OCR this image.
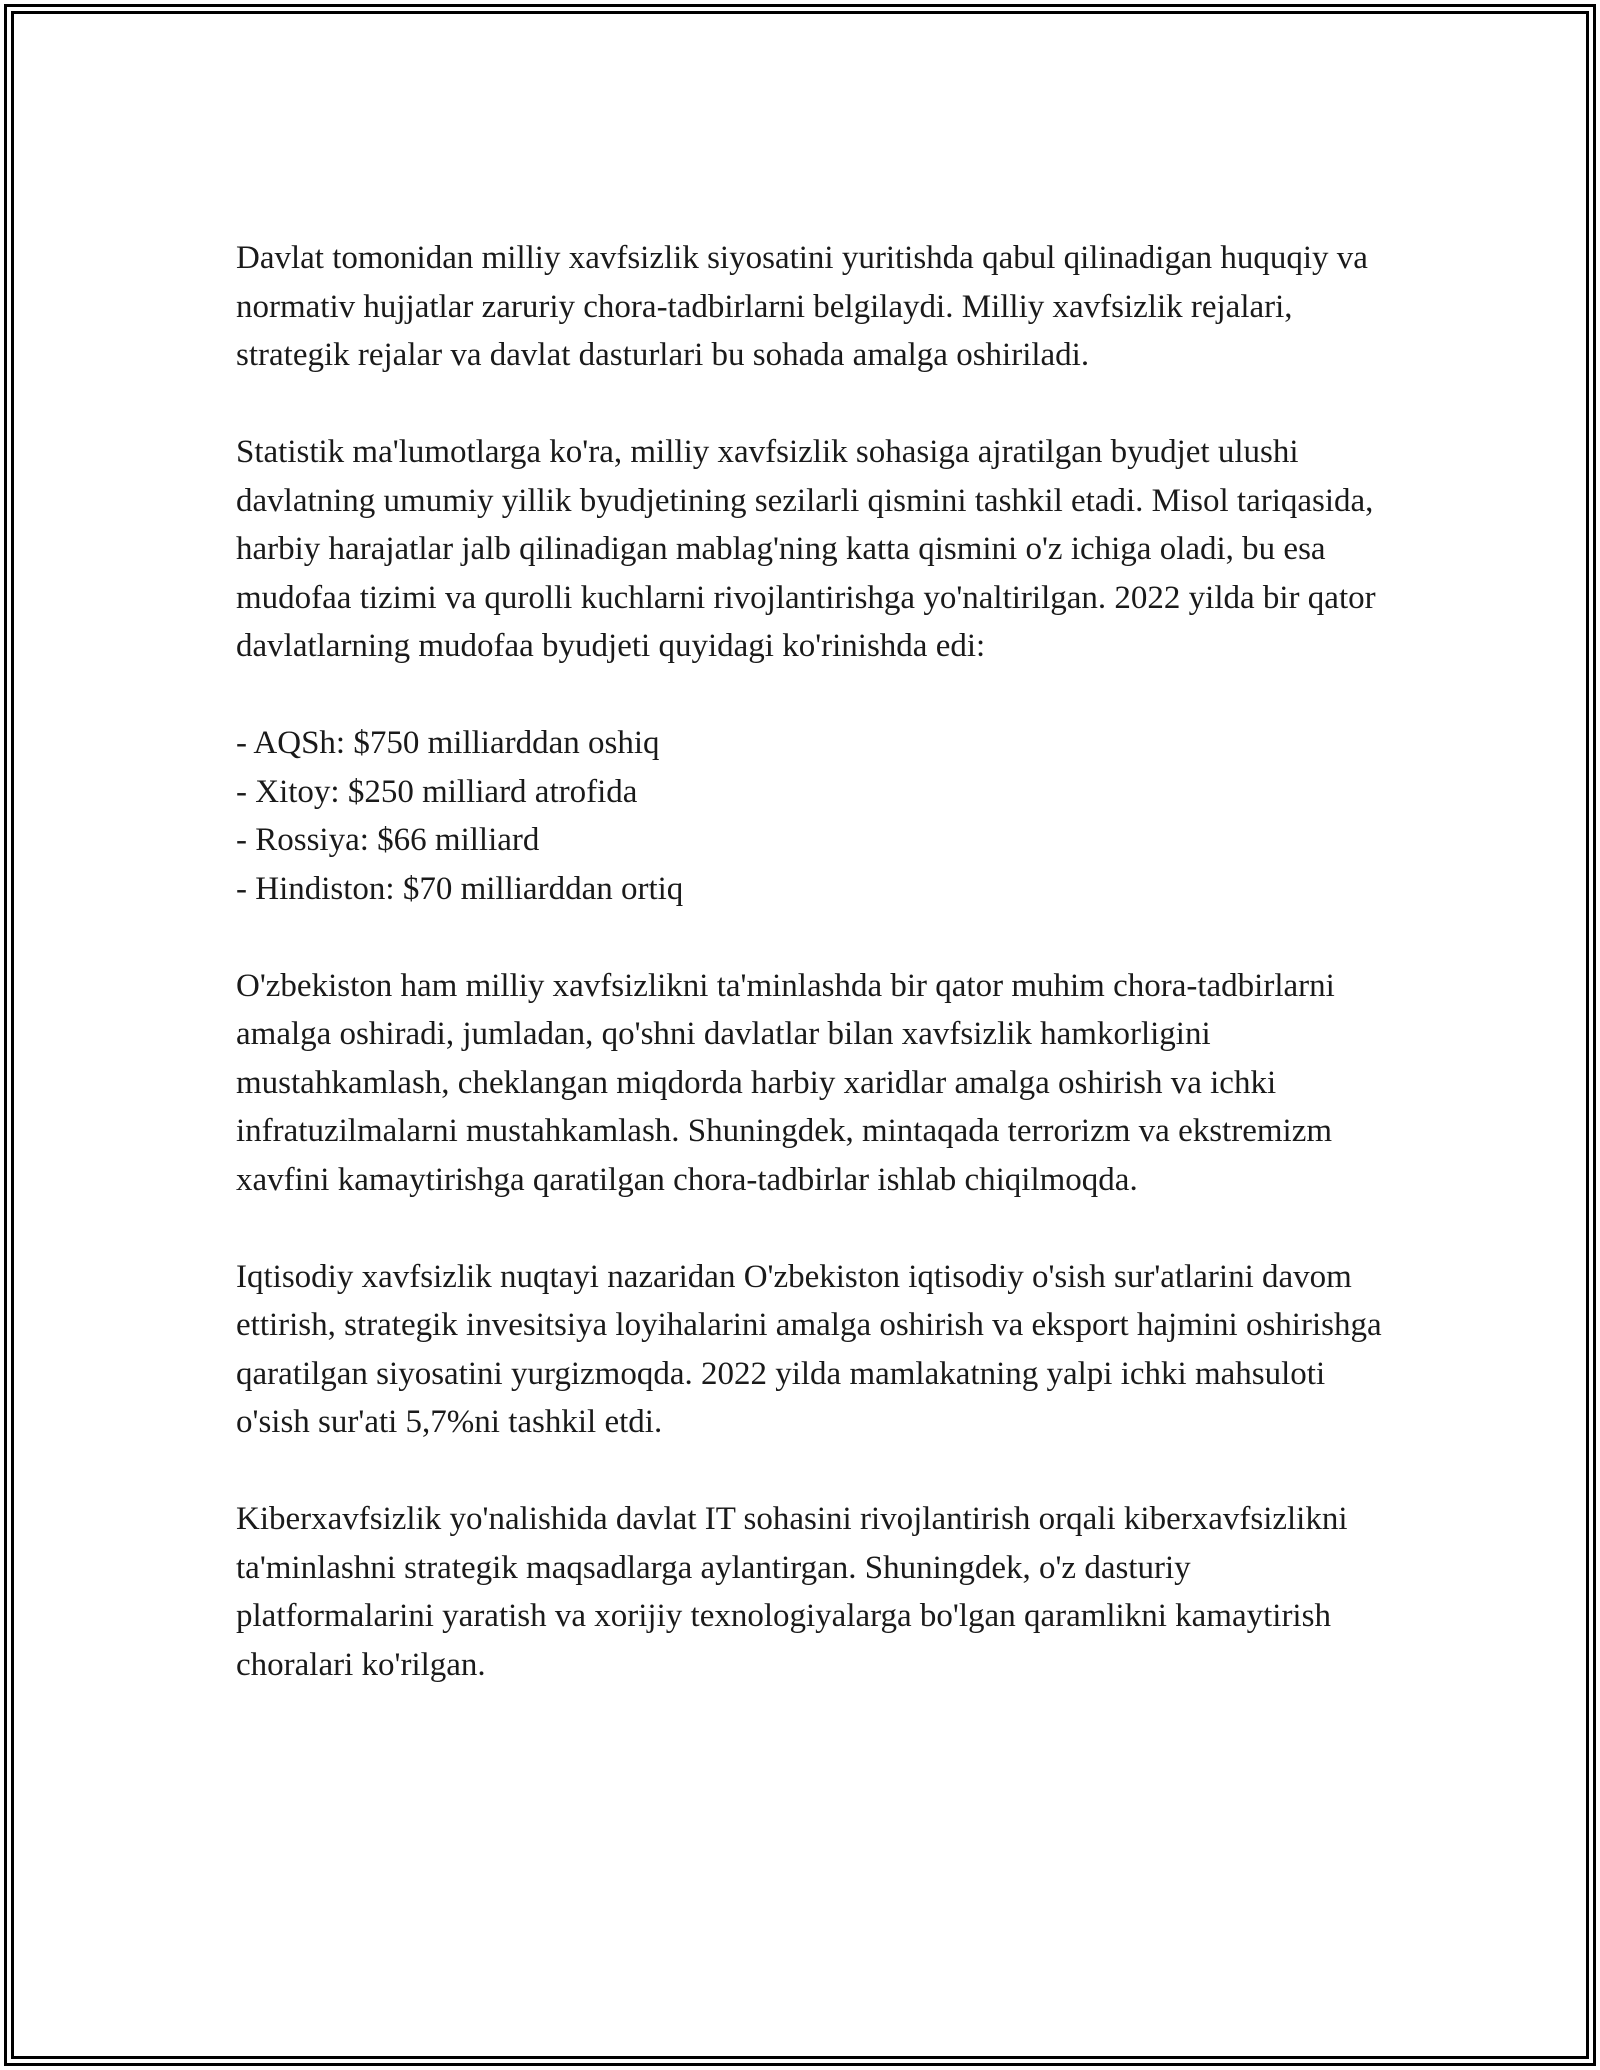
Davlat tomonidan milliy xavfsizlik siyosatini yuritishda qabul qilinadigan huquqiy va normativ hujjatlar zaruriy chora-tadbirlarni belgilaydi. Milliy xavfsizlik rejalari, strategik rejalar va davlat dasturlari bu sohada amalga oshiriladi.

Statistik ma'lumotlarga ko'ra, milliy xavfsizlik sohasiga ajratilgan byudjet ulushi davlatning umumiy yillik byudjetining sezilarli qismini tashkil etadi. Misol tariqasida, harbiy harajatlar jalb qilinadigan mablag'ning katta qismini o'z ichiga oladi, bu esa mudofaa tizimi va qurolli kuchlarni rivojlantirishga yo'naltirilgan. 2022 yilda bir qator davlatlarning mudofaa byudjeti quyidagi ko'rinishda edi:

- AQSh: $750 milliarddan oshiq
- Xitoy: $250 milliard atrofida
- Rossiya: $66 milliard
- Hindiston: $70 milliarddan ortiq

O'zbekiston ham milliy xavfsizlikni ta'minlashda bir qator muhim chora-tadbirlarni amalga oshiradi, jumladan, qo'shni davlatlar bilan xavfsizlik hamkorligini mustahkamlash, cheklangan miqdorda harbiy xaridlar amalga oshirish va ichki infratuzilmalarni mustahkamlash. Shuningdek, mintaqada terrorizm va ekstremizm xavfini kamaytirishga qaratilgan chora-tadbirlar ishlab chiqilmoqda.

Iqtisodiy xavfsizlik nuqtayi nazaridan O'zbekiston iqtisodiy o'sish sur'atlarini davom ettirish, strategik invesitsiya loyihalarini amalga oshirish va eksport hajmini oshirishga qaratilgan siyosatini yurgizmoqda. 2022 yilda mamlakatning yalpi ichki mahsuloti o'sish sur'ati 5,7%ni tashkil etdi.

Kiberxavfsizlik yo'nalishida davlat IT sohasini rivojlantirish orqali kiberxavfsizlikni ta'minlashni strategik maqsadlarga aylantirgan. Shuningdek, o'z dasturiy platformalarini yaratish va xorijiy texnologiyalarga bo'lgan qaramlikni kamaytirish choralari ko'rilgan.
